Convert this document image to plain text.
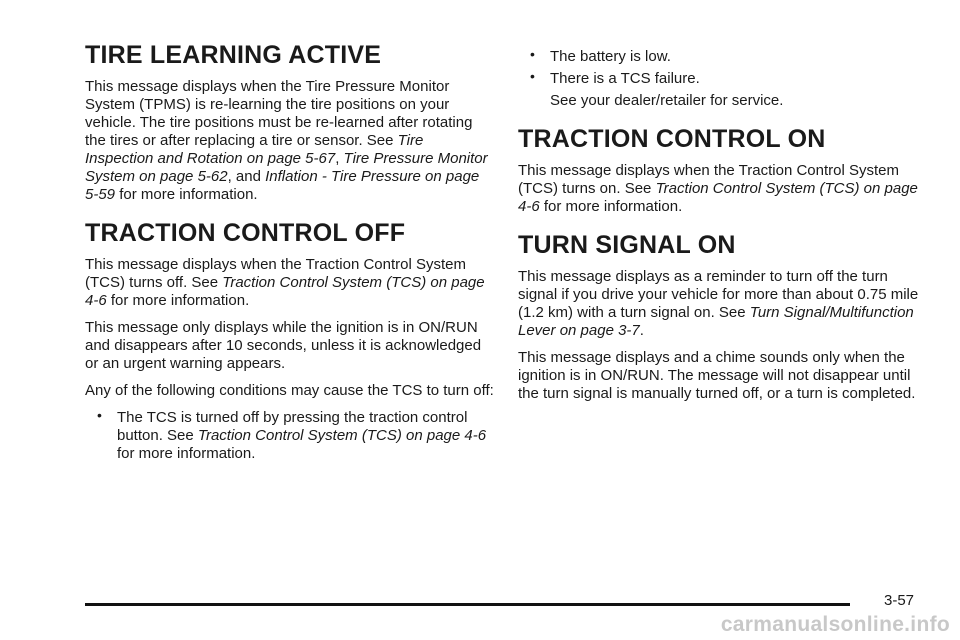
TIRE LEARNING ACTIVE

This message displays when the Tire Pressure Monitor System (TPMS) is re-learning the tire positions on your vehicle. The tire positions must be re-learned after rotating the tires or after replacing a tire or sensor. See Tire Inspection and Rotation on page 5-67, Tire Pressure Monitor System on page 5-62, and Inflation - Tire Pressure on page 5-59 for more information.

TRACTION CONTROL OFF

This message displays when the Traction Control System (TCS) turns off. See Traction Control System (TCS) on page 4-6 for more information.

This message only displays while the ignition is in ON/RUN and disappears after 10 seconds, unless it is acknowledged or an urgent warning appears.

Any of the following conditions may cause the TCS to turn off:

• The TCS is turned off by pressing the traction control button. See Traction Control System (TCS) on page 4-6 for more information.
• The battery is low.
• There is a TCS failure.

See your dealer/retailer for service.

TRACTION CONTROL ON

This message displays when the Traction Control System (TCS) turns on. See Traction Control System (TCS) on page 4-6 for more information.

TURN SIGNAL ON

This message displays as a reminder to turn off the turn signal if you drive your vehicle for more than about 0.75 mile (1.2 km) with a turn signal on. See Turn Signal/Multifunction Lever on page 3-7.

This message displays and a chime sounds only when the ignition is in ON/RUN. The message will not disappear until the turn signal is manually turned off, or a turn is completed.

3-57
carmanualsonline.info
